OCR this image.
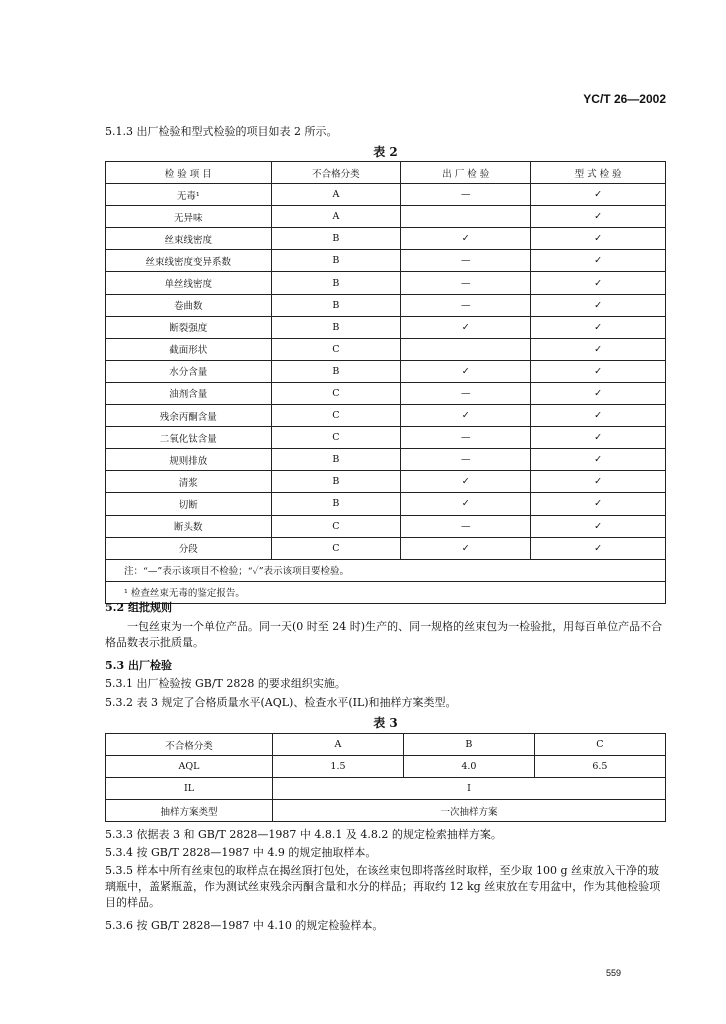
YC/T 26—2002
5.1.3 出厂检验和型式检验的项目如表 2 所示。
表 2
检 验 项 目	不合格分类	出 厂 检 验	型 式 检 验
无毒¹	A	—	✓
无异味	A		✓
丝束线密度	B	✓	✓
丝束线密度变异系数	B	—	✓
单丝线密度	B	—	✓
卷曲数	B	—	✓
断裂强度	B	✓	✓
截面形状	C		✓
水分含量	B	✓	✓
油剂含量	C	—	✓
残余丙酮含量	C	✓	✓
二氧化钛含量	C	—	✓
规则排放	B	—	✓
清浆	B	✓	✓
切断	B	✓	✓
断头数	C	—	✓
分段	C	✓	✓
注：“—”表示该项目不检验；“✓”表示该项目要检验。			
¹ 检查丝束无毒的鉴定报告。			
5.2 组批规则
一包丝束为一个单位产品。同一天(0 时至 24 时)生产的、同一规格的丝束包为一检验批，用每百单位产品不合格品数表示批质量。
5.3 出厂检验
5.3.1 出厂检验按 GB/T 2828 的要求组织实施。
5.3.2 表 3 规定了合格质量水平(AQL)、检查水平(IL)和抽样方案类型。
表 3
不合格分类	A	B	C
AQL	1.5	4.0	6.5
IL	Ⅰ		
抽样方案类型	一次抽样方案		
5.3.3 依据表 3 和 GB/T 2828—1987 中 4.8.1 及 4.8.2 的规定检索抽样方案。
5.3.4 按 GB/T 2828—1987 中 4.9 的规定抽取样本。
5.3.5 样本中所有丝束包的取样点在揭丝頂打包处，在该丝束包即将落丝时取样，至少取 100 g 丝束放入干净的玻璃瓶中，盖紧瓶盖，作为测试丝束残余丙酮含量和水分的样品；再取约 12 kg 丝束放在专用盆中，作为其他检验项目的样品。
5.3.6 按 GB/T 2828—1987 中 4.10 的规定检验样本。
559
